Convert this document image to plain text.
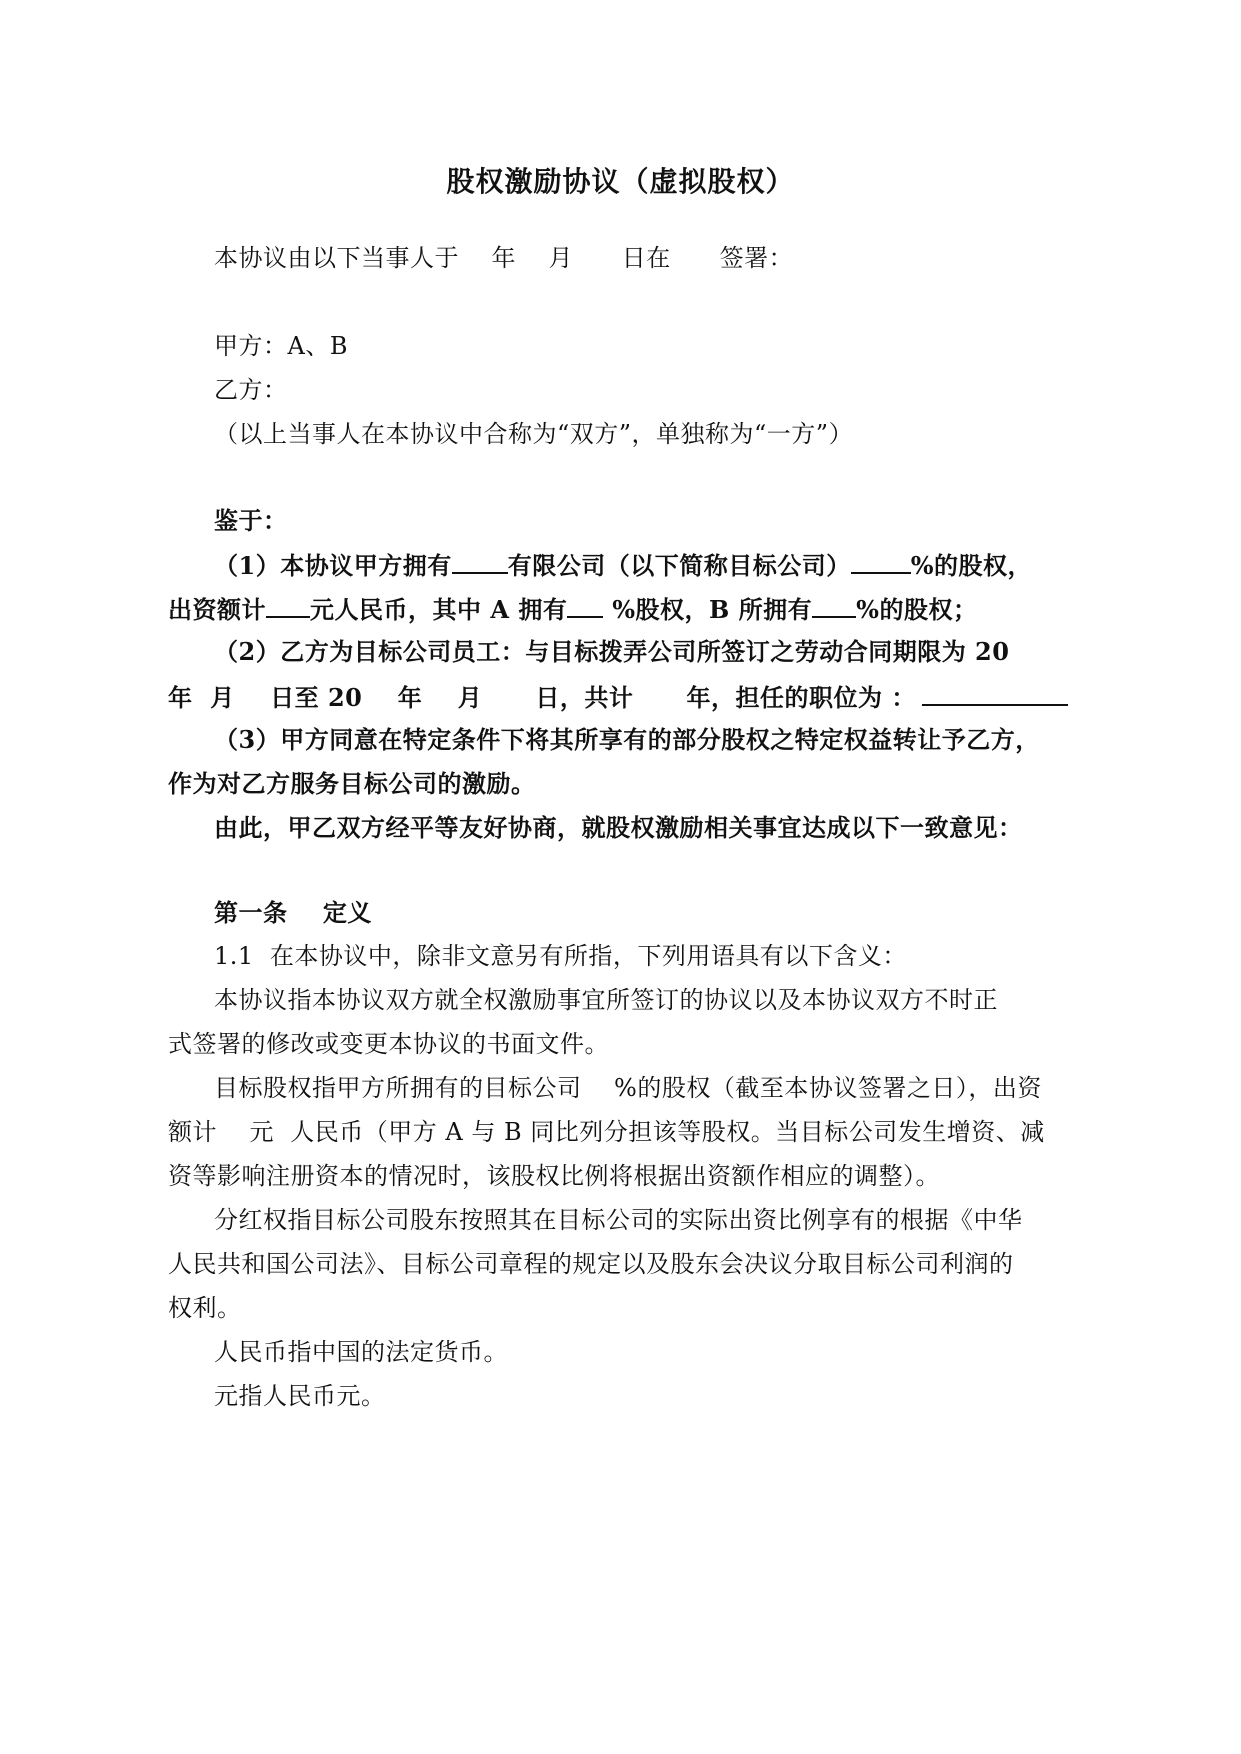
股权激励协议（虚拟股权）
本协议由以下当事人于    年    月      日在      签署：
甲方：A、B
乙方：
（以上当事人在本协议中合称为“双方”，单独称为“一方”）
鉴于：
（1）本协议甲方拥有 有限公司（以下简称目标公司）	%的股权，
出资额计 元人民币，其中 A 拥有 %股权，B 所拥有 %的股权；
（2）乙方为目标公司员工：与目标拨弄公司所签订之劳动合同期限为 20
年  月    日至 20    年    月      日，共计      年，担任的职位为 ：
（3）甲方同意在特定条件下将其所享有的部分股权之特定权益转让予乙方，
作为对乙方服务目标公司的激励。
由此，甲乙双方经平等友好协商，就股权激励相关事宜达成以下一致意见：
第一条    定义
1.1  在本协议中，除非文意另有所指，下列用语具有以下含义：
本协议指本协议双方就全权激励事宜所签订的协议以及本协议双方不时正
式签署的修改或变更本协议的书面文件。
目标股权指甲方所拥有的目标公司    %的股权（截至本协议签署之日），出资
额计    元  人民币（甲方 A 与 B 同比列分担该等股权。当目标公司发生增资、减
资等影响注册资本的情况时，该股权比例将根据出资额作相应的调整）。
分红权指目标公司股东按照其在目标公司的实际出资比例享有的根据《中华
人民共和国公司法》、目标公司章程的规定以及股东会决议分取目标公司利润的
权利。
人民币指中国的法定货币。
元指人民币元。
